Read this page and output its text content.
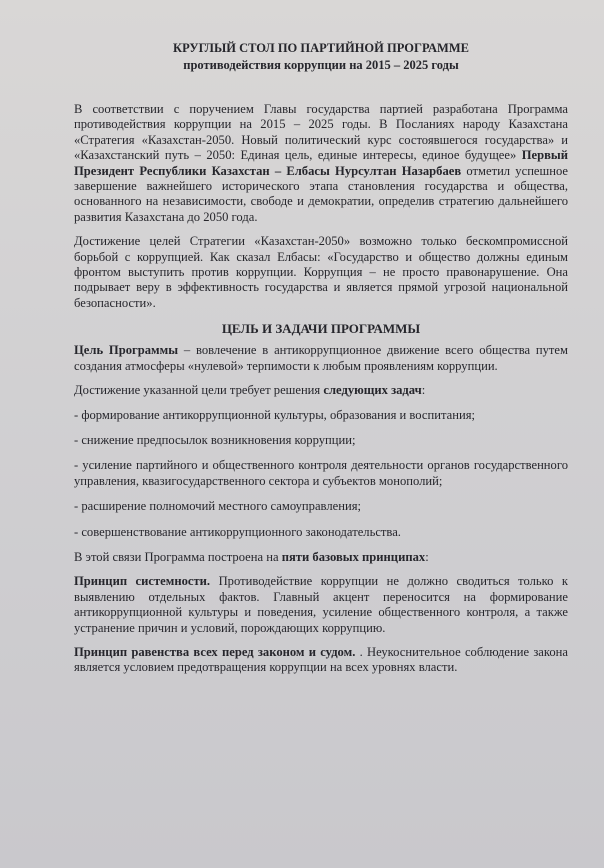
КРУГЛЫЙ СТОЛ ПО ПАРТИЙНОЙ ПРОГРАММЕ
противодействия коррупции на 2015 – 2025 годы

В соответствии с поручением Главы государства партией разработана Программа противодействия коррупции на 2015 – 2025 годы. В Посланиях народу Казахстана «Стратегия «Казахстан-2050. Новый политический курс состоявшегося государства» и «Казахстанский путь – 2050: Единая цель, единые интересы, единое будущее» Первый Президент Республики Казахстан – Елбасы Нурсултан Назарбаев отметил успешное завершение важнейшего исторического этапа становления государства и общества, основанного на независимости, свободе и демократии, определив стратегию дальнейшего развития Казахстана до 2050 года.

Достижение целей Стратегии «Казахстан-2050» возможно только бескомпромиссной борьбой с коррупцией. Как сказал Елбасы: «Государство и общество должны единым фронтом выступить против коррупции. Коррупция – не просто правонарушение. Она подрывает веру в эффективность государства и является прямой угрозой национальной безопасности».

ЦЕЛЬ И ЗАДАЧИ ПРОГРАММЫ

Цель Программы – вовлечение в антикоррупционное движение всего общества путем создания атмосферы «нулевой» терпимости к любым проявлениям коррупции.

Достижение указанной цели требует решения следующих задач:

- формирование антикоррупционной культуры, образования и воспитания;

- снижение предпосылок возникновения коррупции;

- усиление партийного и общественного контроля деятельности органов государственного управления, квазигосударственного сектора и субъектов монополий;

- расширение полномочий местного самоуправления;

- совершенствование антикоррупционного законодательства.

В этой связи Программа построена на пяти базовых принципах:

Принцип системности. Противодействие коррупции не должно сводиться только к выявлению отдельных фактов. Главный акцент переносится на формирование антикоррупционной культуры и поведения, усиление общественного контроля, а также устранение причин и условий, порождающих коррупцию.

Принцип равенства всех перед законом и судом. . Неукоснительное соблюдение закона является условием предотвращения коррупции на всех уровнях власти.
